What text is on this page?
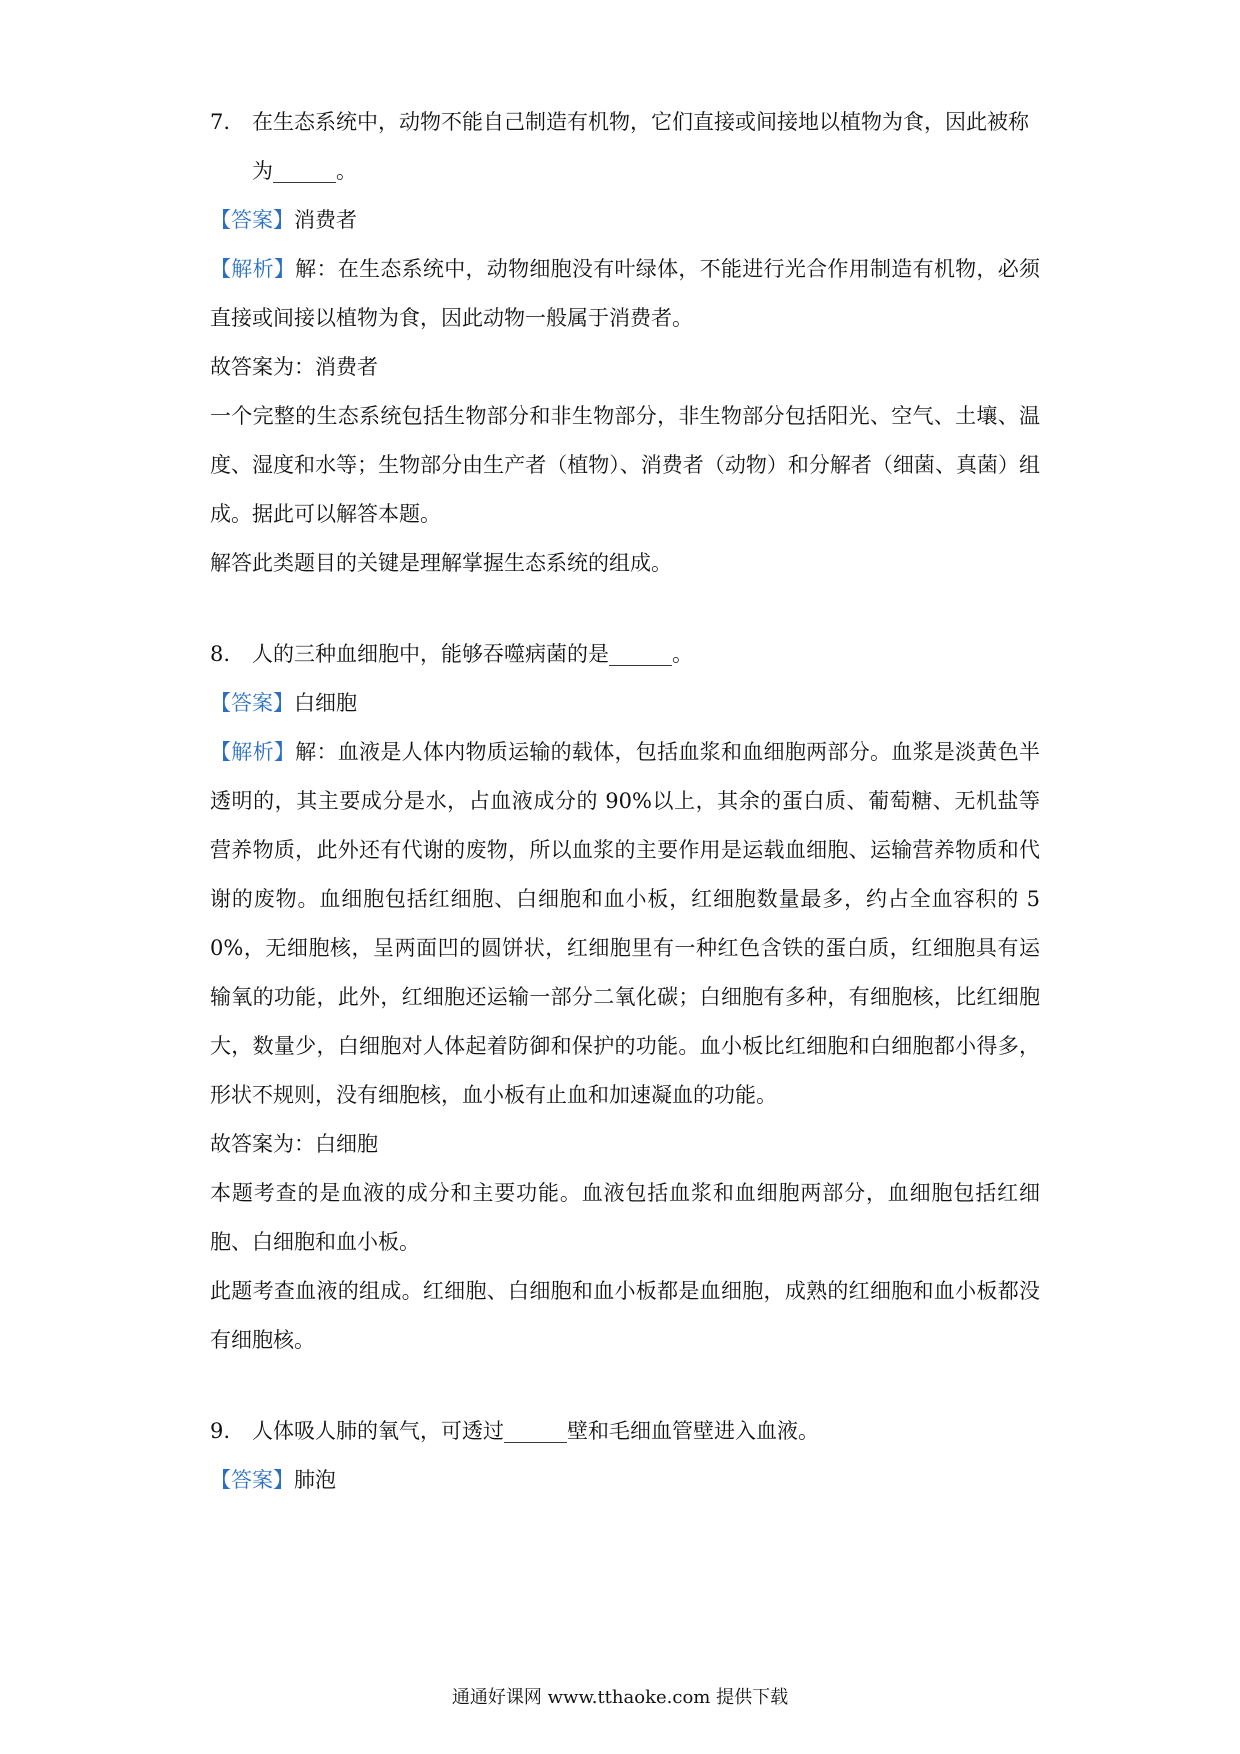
7. 在生态系统中，动物不能自己制造有机物，它们直接或间接地以植物为食，因此被称为______。

【答案】消费者

【解析】解：在生态系统中，动物细胞没有叶绿体，不能进行光合作用制造有机物，必须直接或间接以植物为食，因此动物一般属于消费者。

故答案为：消费者

一个完整的生态系统包括生物部分和非生物部分，非生物部分包括阳光、空气、土壤、温度、湿度和水等；生物部分由生产者（植物）、消费者（动物）和分解者（细菌、真菌）组成。据此可以解答本题。

解答此类题目的关键是理解掌握生态系统的组成。

8. 人的三种血细胞中，能够吞噬病菌的是______。

【答案】白细胞

【解析】解：血液是人体内物质运输的载体，包括血浆和血细胞两部分。血浆是淡黄色半透明的，其主要成分是水，占血液成分的 90%以上，其余的蛋白质、葡萄糖、无机盐等营养物质，此外还有代谢的废物，所以血浆的主要作用是运载血细胞、运输营养物质和代谢的废物。血细胞包括红细胞、白细胞和血小板，红细胞数量最多，约占全血容积的 50%，无细胞核，呈两面凹的圆饼状，红细胞里有一种红色含铁的蛋白质，红细胞具有运输氧的功能，此外，红细胞还运输一部分二氧化碳；白细胞有多种，有细胞核，比红细胞大，数量少，白细胞对人体起着防御和保护的功能。血小板比红细胞和白细胞都小得多，形状不规则，没有细胞核，血小板有止血和加速凝血的功能。

故答案为：白细胞

本题考查的是血液的成分和主要功能。血液包括血浆和血细胞两部分，血细胞包括红细胞、白细胞和血小板。

此题考查血液的组成。红细胞、白细胞和血小板都是血细胞，成熟的红细胞和血小板都没有细胞核。

9. 人体吸人肺的氧气，可透过______壁和毛细血管壁进入血液。

【答案】肺泡

通通好课网 www.tthaoke.com 提供下载
